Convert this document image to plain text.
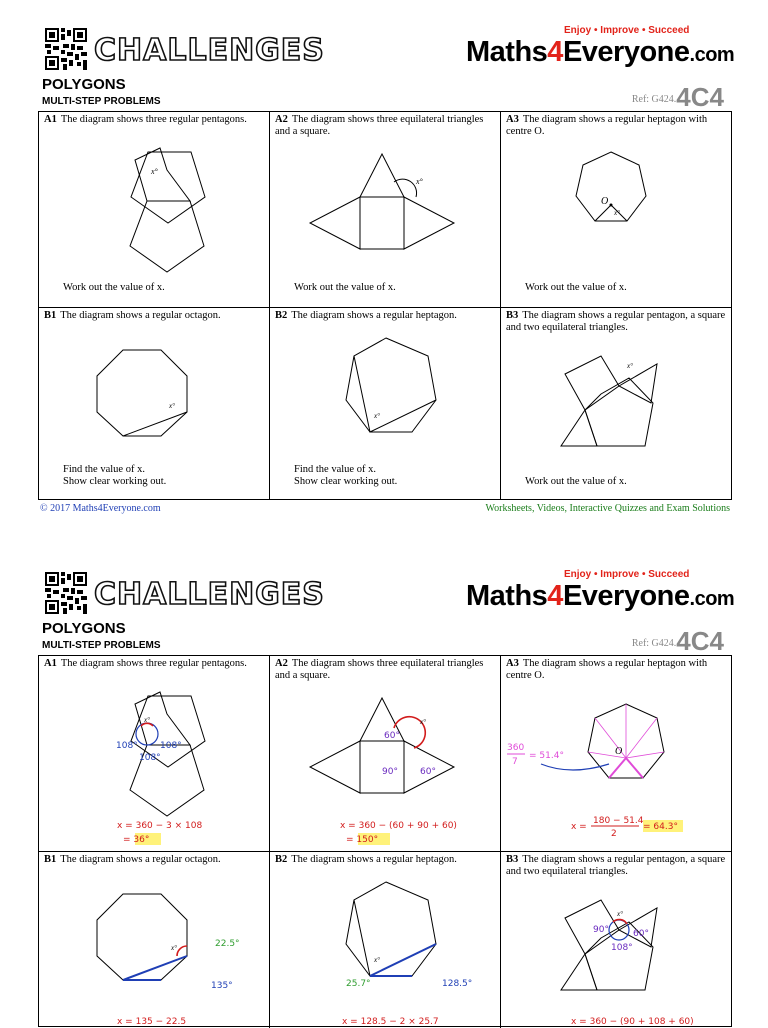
CHALLENGES
Enjoy • Improve • Succeed
Maths4Everyone.com
POLYGONS
MULTI-STEP PROBLEMS	Ref: G424.4C4
A1 The diagram shows three regular pentagons.
x°
Work out the value of x.
A2 The diagram shows three equilateral triangles and a square.
x°
Work out the value of x.
A3 The diagram shows a regular heptagon with centre O.
O
x°
Work out the value of x.
B1 The diagram shows a regular octagon.
x°
Find the value of x.
Show clear working out.
B2 The diagram shows a regular heptagon.
x°
Find the value of x.
Show clear working out.
B3 The diagram shows a regular pentagon, a square and two equilateral triangles.
x°
Work out the value of x.
© 2017 Maths4Everyone.com	Worksheets, Videos, Interactive Quizzes and Exam Solutions
CHALLENGES
Enjoy • Improve • Succeed
Maths4Everyone.com
POLYGONS
MULTI-STEP PROBLEMS	Ref: G424.4C4
A1 The diagram shows three regular pentagons.
x°
108° 108°
108°
x = 360 − 3 × 108
= 36°
A2 The diagram shows three equilateral triangles and a square.
x°
60°
90° 60°
x = 360 − (60 + 90 + 60)
= 150°
A3 The diagram shows a regular heptagon with centre O.
O
360
7
= 51.4°
x =
180 − 51.4
2
= 64.3°
B1 The diagram shows a regular octagon.
x°	22.5°
135°
x = 135 − 22.5
B2 The diagram shows a regular heptagon.
x°
25.7°	128.5°
x = 128.5 − 2 × 25.7
B3 The diagram shows a regular pentagon, a square and two equilateral triangles.
x°
90°	60°
108°
x = 360 − (90 + 108 + 60)
